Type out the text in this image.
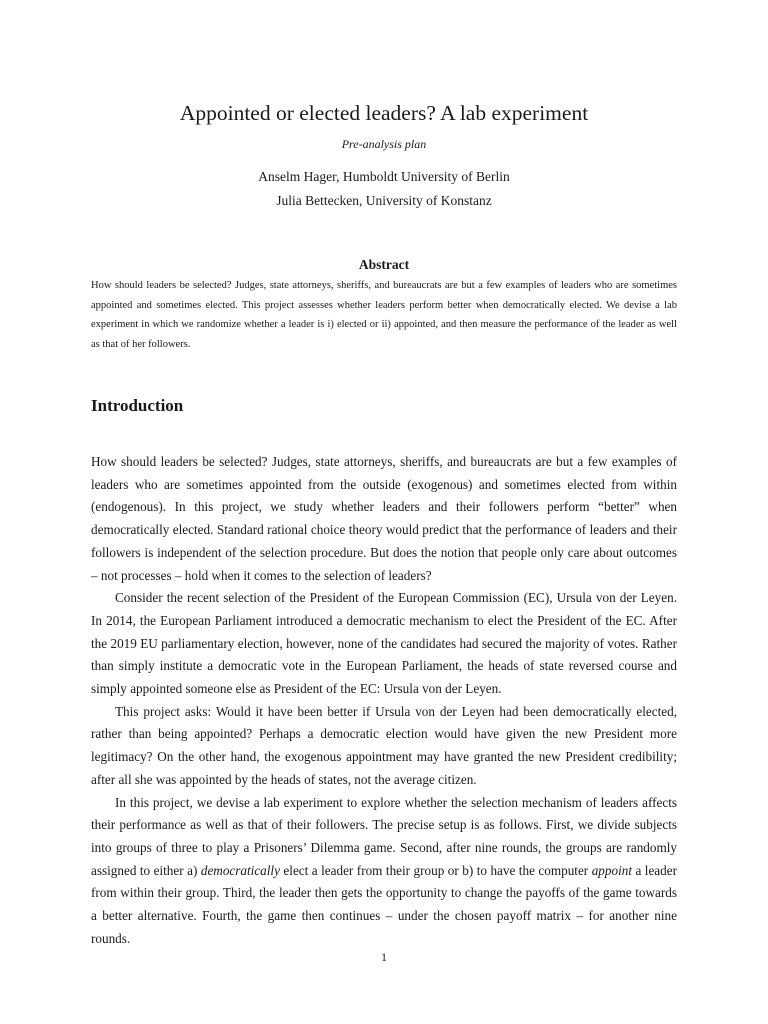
Appointed or elected leaders? A lab experiment
Pre-analysis plan
Anselm Hager, Humboldt University of Berlin
Julia Bettecken, University of Konstanz
Abstract
How should leaders be selected? Judges, state attorneys, sheriffs, and bureaucrats are but a few examples of leaders who are sometimes appointed and sometimes elected. This project assesses whether leaders perform better when democratically elected. We devise a lab experiment in which we randomize whether a leader is i) elected or ii) appointed, and then measure the performance of the leader as well as that of her followers.
Introduction

How should leaders be selected? Judges, state attorneys, sheriffs, and bureaucrats are but a few examples of leaders who are sometimes appointed from the outside (exogenous) and sometimes elected from within (endogenous). In this project, we study whether leaders and their followers perform “better” when democratically elected. Standard rational choice theory would predict that the performance of leaders and their followers is independent of the selection procedure. But does the notion that people only care about outcomes – not processes – hold when it comes to the selection of leaders?

Consider the recent selection of the President of the European Commission (EC), Ursula von der Leyen. In 2014, the European Parliament introduced a democratic mechanism to elect the President of the EC. After the 2019 EU parliamentary election, however, none of the candidates had secured the majority of votes. Rather than simply institute a democratic vote in the European Parliament, the heads of state reversed course and simply appointed someone else as President of the EC: Ursula von der Leyen.

This project asks: Would it have been better if Ursula von der Leyen had been democratically elected, rather than being appointed? Perhaps a democratic election would have given the new President more legitimacy? On the other hand, the exogenous appointment may have granted the new President credibility; after all she was appointed by the heads of states, not the average citizen.

In this project, we devise a lab experiment to explore whether the selection mechanism of leaders affects their performance as well as that of their followers. The precise setup is as follows. First, we divide subjects into groups of three to play a Prisoners’ Dilemma game. Second, after nine rounds, the groups are randomly assigned to either a) democratically elect a leader from their group or b) to have the computer appoint a leader from within their group. Third, the leader then gets the opportunity to change the payoffs of the game towards a better alternative. Fourth, the game then continues – under the chosen payoff matrix – for another nine rounds.

1
